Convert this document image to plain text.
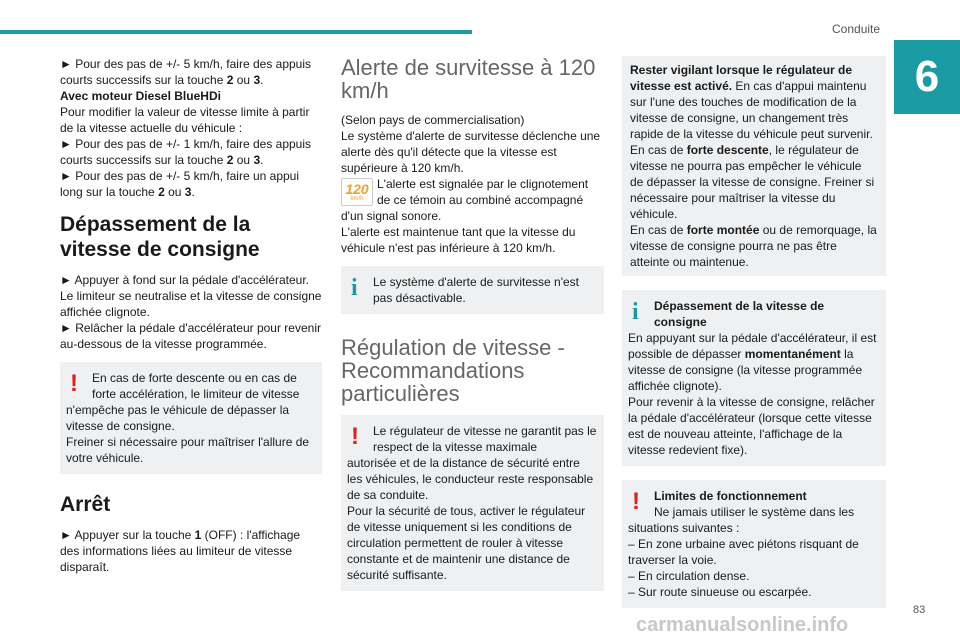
Conduite
6

► Pour des pas de +/- 5 km/h, faire des appuis courts successifs sur la touche 2 ou 3.

Avec moteur Diesel BlueHDi

Pour modifier la valeur de vitesse limite à partir de la vitesse actuelle du véhicule :

► Pour des pas de +/- 1 km/h, faire des appuis courts successifs sur la touche 2 ou 3.

► Pour des pas de +/- 5 km/h, faire un appui long sur la touche 2 ou 3.

Dépassement de la vitesse de consigne

► Appuyer à fond sur la pédale d'accélérateur.

Le limiteur se neutralise et la vitesse de consigne affichée clignote.

► Relâcher la pédale d'accélérateur pour revenir au-dessous de la vitesse programmée.

!	En cas de forte descente ou en cas de forte accélération, le limiteur de vitesse
n'empêche pas le véhicule de dépasser la vitesse de consigne.
Freiner si nécessaire pour maîtriser l'allure de votre véhicule.
Arrêt

► Appuyer sur la touche 1 (OFF) : l'affichage des informations liées au limiteur de vitesse disparaît.

Alerte de survitesse à 120 km/h

(Selon pays de commercialisation)

Le système d'alerte de survitesse déclenche une alerte dès qu'il détecte que la vitesse est supérieure à 120 km/h.

120
km/h

L'alerte est signalée par le clignotement de ce témoin au combiné accompagné d'un signal sonore.

L'alerte est maintenue tant que la vitesse du véhicule n'est pas inférieure à 120 km/h.

i	Le système d'alerte de survitesse n'est pas désactivable.
Régulation de vitesse - Recommandations particulières
!	Le régulateur de vitesse ne garantit pas le respect de la vitesse maximale
autorisée et de la distance de sécurité entre les véhicules, le conducteur reste responsable de sa conduite.
Pour la sécurité de tous, activer le régulateur de vitesse uniquement si les conditions de circulation permettent de rouler à vitesse constante et de maintenir une distance de sécurité suffisante.
Rester vigilant lorsque le régulateur de vitesse est activé. En cas d'appui maintenu sur l'une des touches de modification de la vitesse de consigne, un changement très rapide de la vitesse du véhicule peut survenir.
En cas de forte descente, le régulateur de vitesse ne pourra pas empêcher le véhicule de dépasser la vitesse de consigne. Freiner si nécessaire pour maîtriser la vitesse du véhicule.
En cas de forte montée ou de remorquage, la vitesse de consigne pourra ne pas être atteinte ou maintenue.
i	Dépassement de la vitesse de consigne
En appuyant sur la pédale d'accélérateur, il est possible de dépasser momentanément la vitesse de consigne (la vitesse programmée affichée clignote).
Pour revenir à la vitesse de consigne, relâcher la pédale d'accélérateur (lorsque cette vitesse est de nouveau atteinte, l'affichage de la vitesse redevient fixe).
!	Limites de fonctionnement
Ne jamais utiliser le système dans les
situations suivantes :
– En zone urbaine avec piétons risquant de traverser la voie.
– En circulation dense.
– Sur route sinueuse ou escarpée.
83
carmanualsonline.info
